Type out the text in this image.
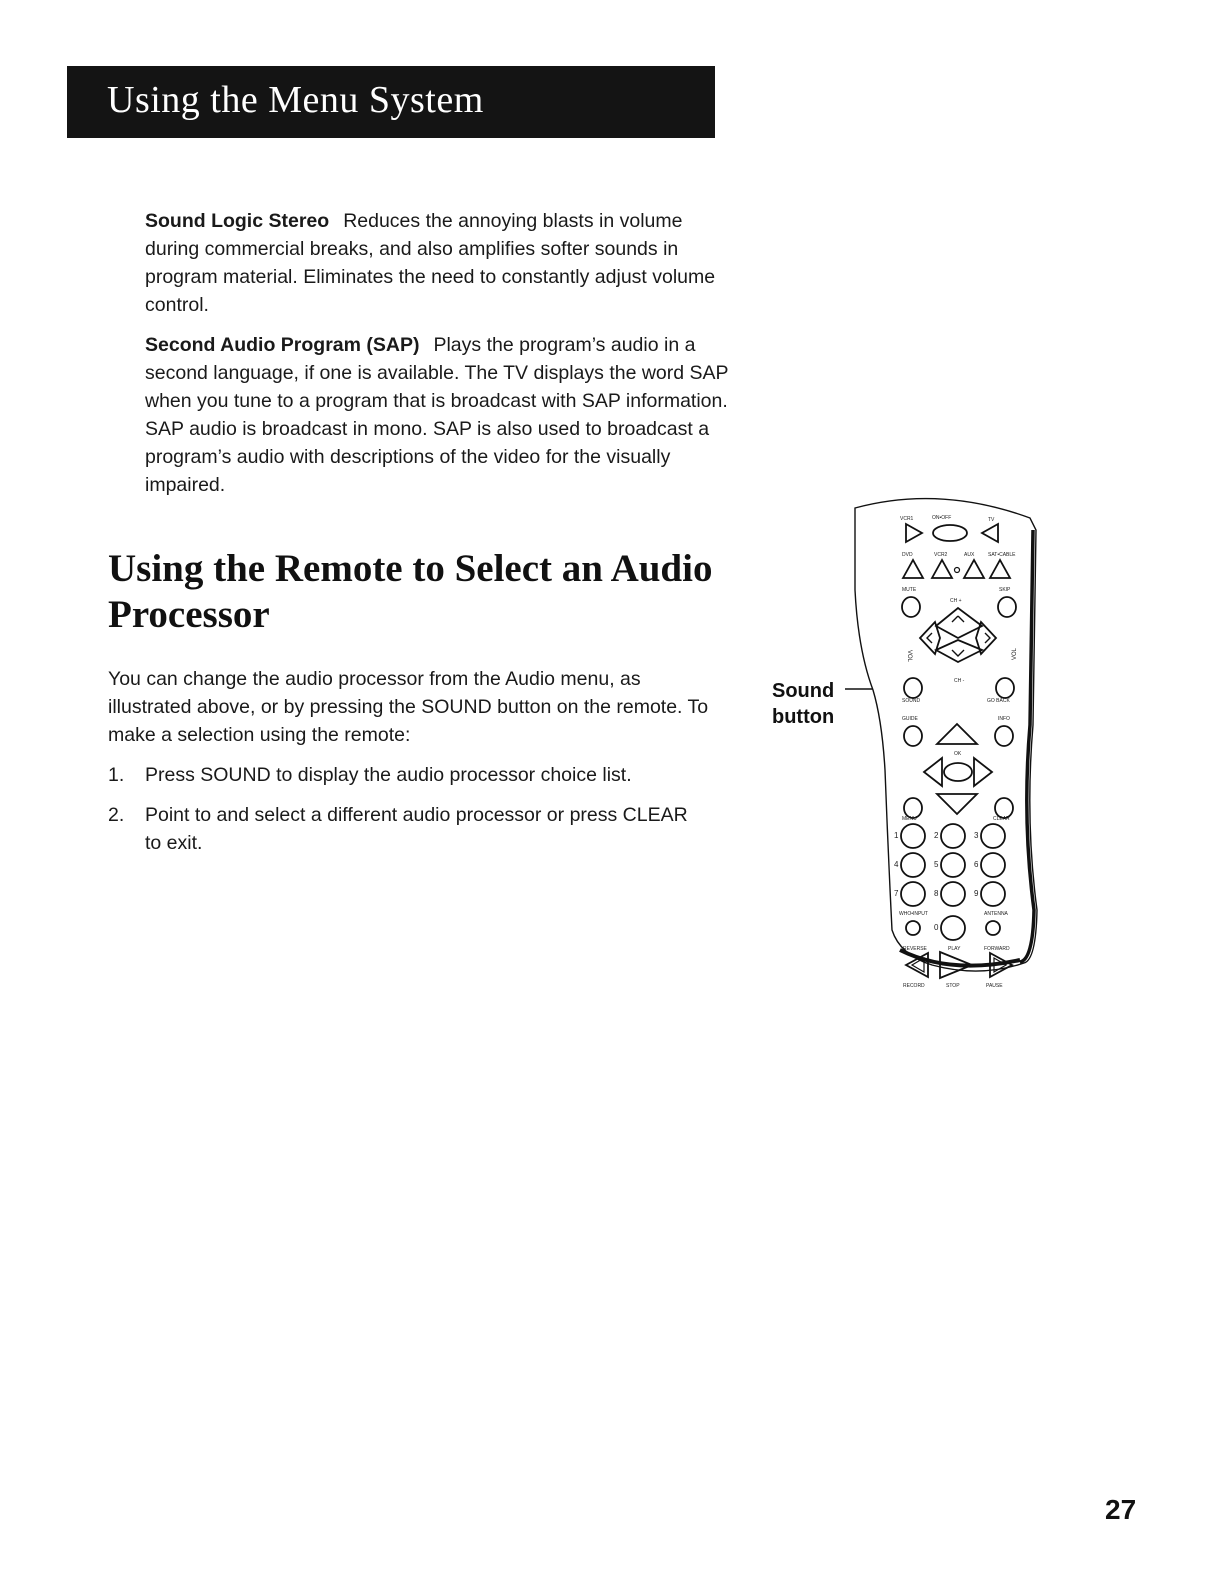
Using the Menu System
Sound Logic Stereo Reduces the annoying blasts in volume during commercial breaks, and also amplifies softer sounds in program material. Eliminates the need to constantly adjust volume control.
Second Audio Program (SAP) Plays the program’s audio in a second language, if one is available. The TV displays the word SAP when you tune to a program that is broadcast with SAP information. SAP audio is broadcast in mono. SAP is also used to broadcast a program’s audio with descriptions of the video for the visually impaired.
Using the Remote to Select an Audio Processor
You can change the audio processor from the Audio menu, as illustrated above, or by pressing the SOUND button on the remote. To make a selection using the remote:
1. Press SOUND to display the audio processor choice list.
2. Point to and select a different audio processor or press CLEAR to exit.
Sound
button
VCR1	ON•OFF	TV
DVD	VCR2	AUX	SAT•CABLE
MUTE	SKIP
CH +
CH -
SOUND	GO BACK
GUIDE	INFO
OK
MENU	CLEAR
1	2	3
4	5	6
7	8	9
WHO•INPUT	ANTENNA
0
REVERSE	PLAY	FORWARD
RECORD	STOP	PAUSE
VOL	VOL
27
